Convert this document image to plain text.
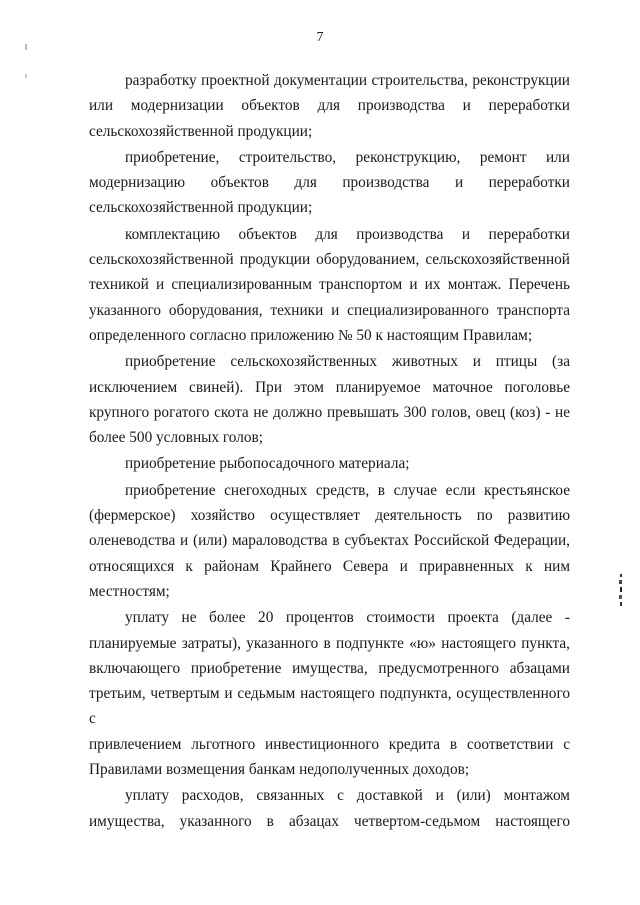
7
разработку проектной документации строительства, реконструкции
или модернизации объектов для производства и переработки
сельскохозяйственной продукции;
приобретение, строительство, реконструкцию, ремонт или
модернизацию объектов для производства и переработки
сельскохозяйственной продукции;
комплектацию объектов для производства и переработки
сельскохозяйственной продукции оборудованием, сельскохозяйственной
техникой и специализированным транспортом и их монтаж. Перечень
указанного оборудования, техники и специализированного транспорта
определенного согласно приложению № 50 к настоящим Правилам;
приобретение сельскохозяйственных животных и птицы (за
исключением свиней). При этом планируемое маточное поголовье
крупного рогатого скота не должно превышать 300 голов, овец (коз) - не
более 500 условных голов;
приобретение рыбопосадочного материала;
приобретение снегоходных средств, в случае если крестьянское
(фермерское) хозяйство осуществляет деятельность по развитию
оленеводства и (или) мараловодства в субъектах Российской Федерации,
относящихся к районам Крайнего Севера и приравненных к ним
местностям;
уплату не более 20 процентов стоимости проекта (далее -
планируемые затраты), указанного в подпункте «ю» настоящего пункта,
включающего приобретение имущества, предусмотренного абзацами
третьим, четвертым и седьмым настоящего подпункта, осуществленного с
привлечением льготного инвестиционного кредита в соответствии с
Правилами возмещения банкам недополученных доходов;
уплату расходов, связанных с доставкой и (или) монтажом
имущества, указанного в абзацах четвертом-седьмом настоящего
